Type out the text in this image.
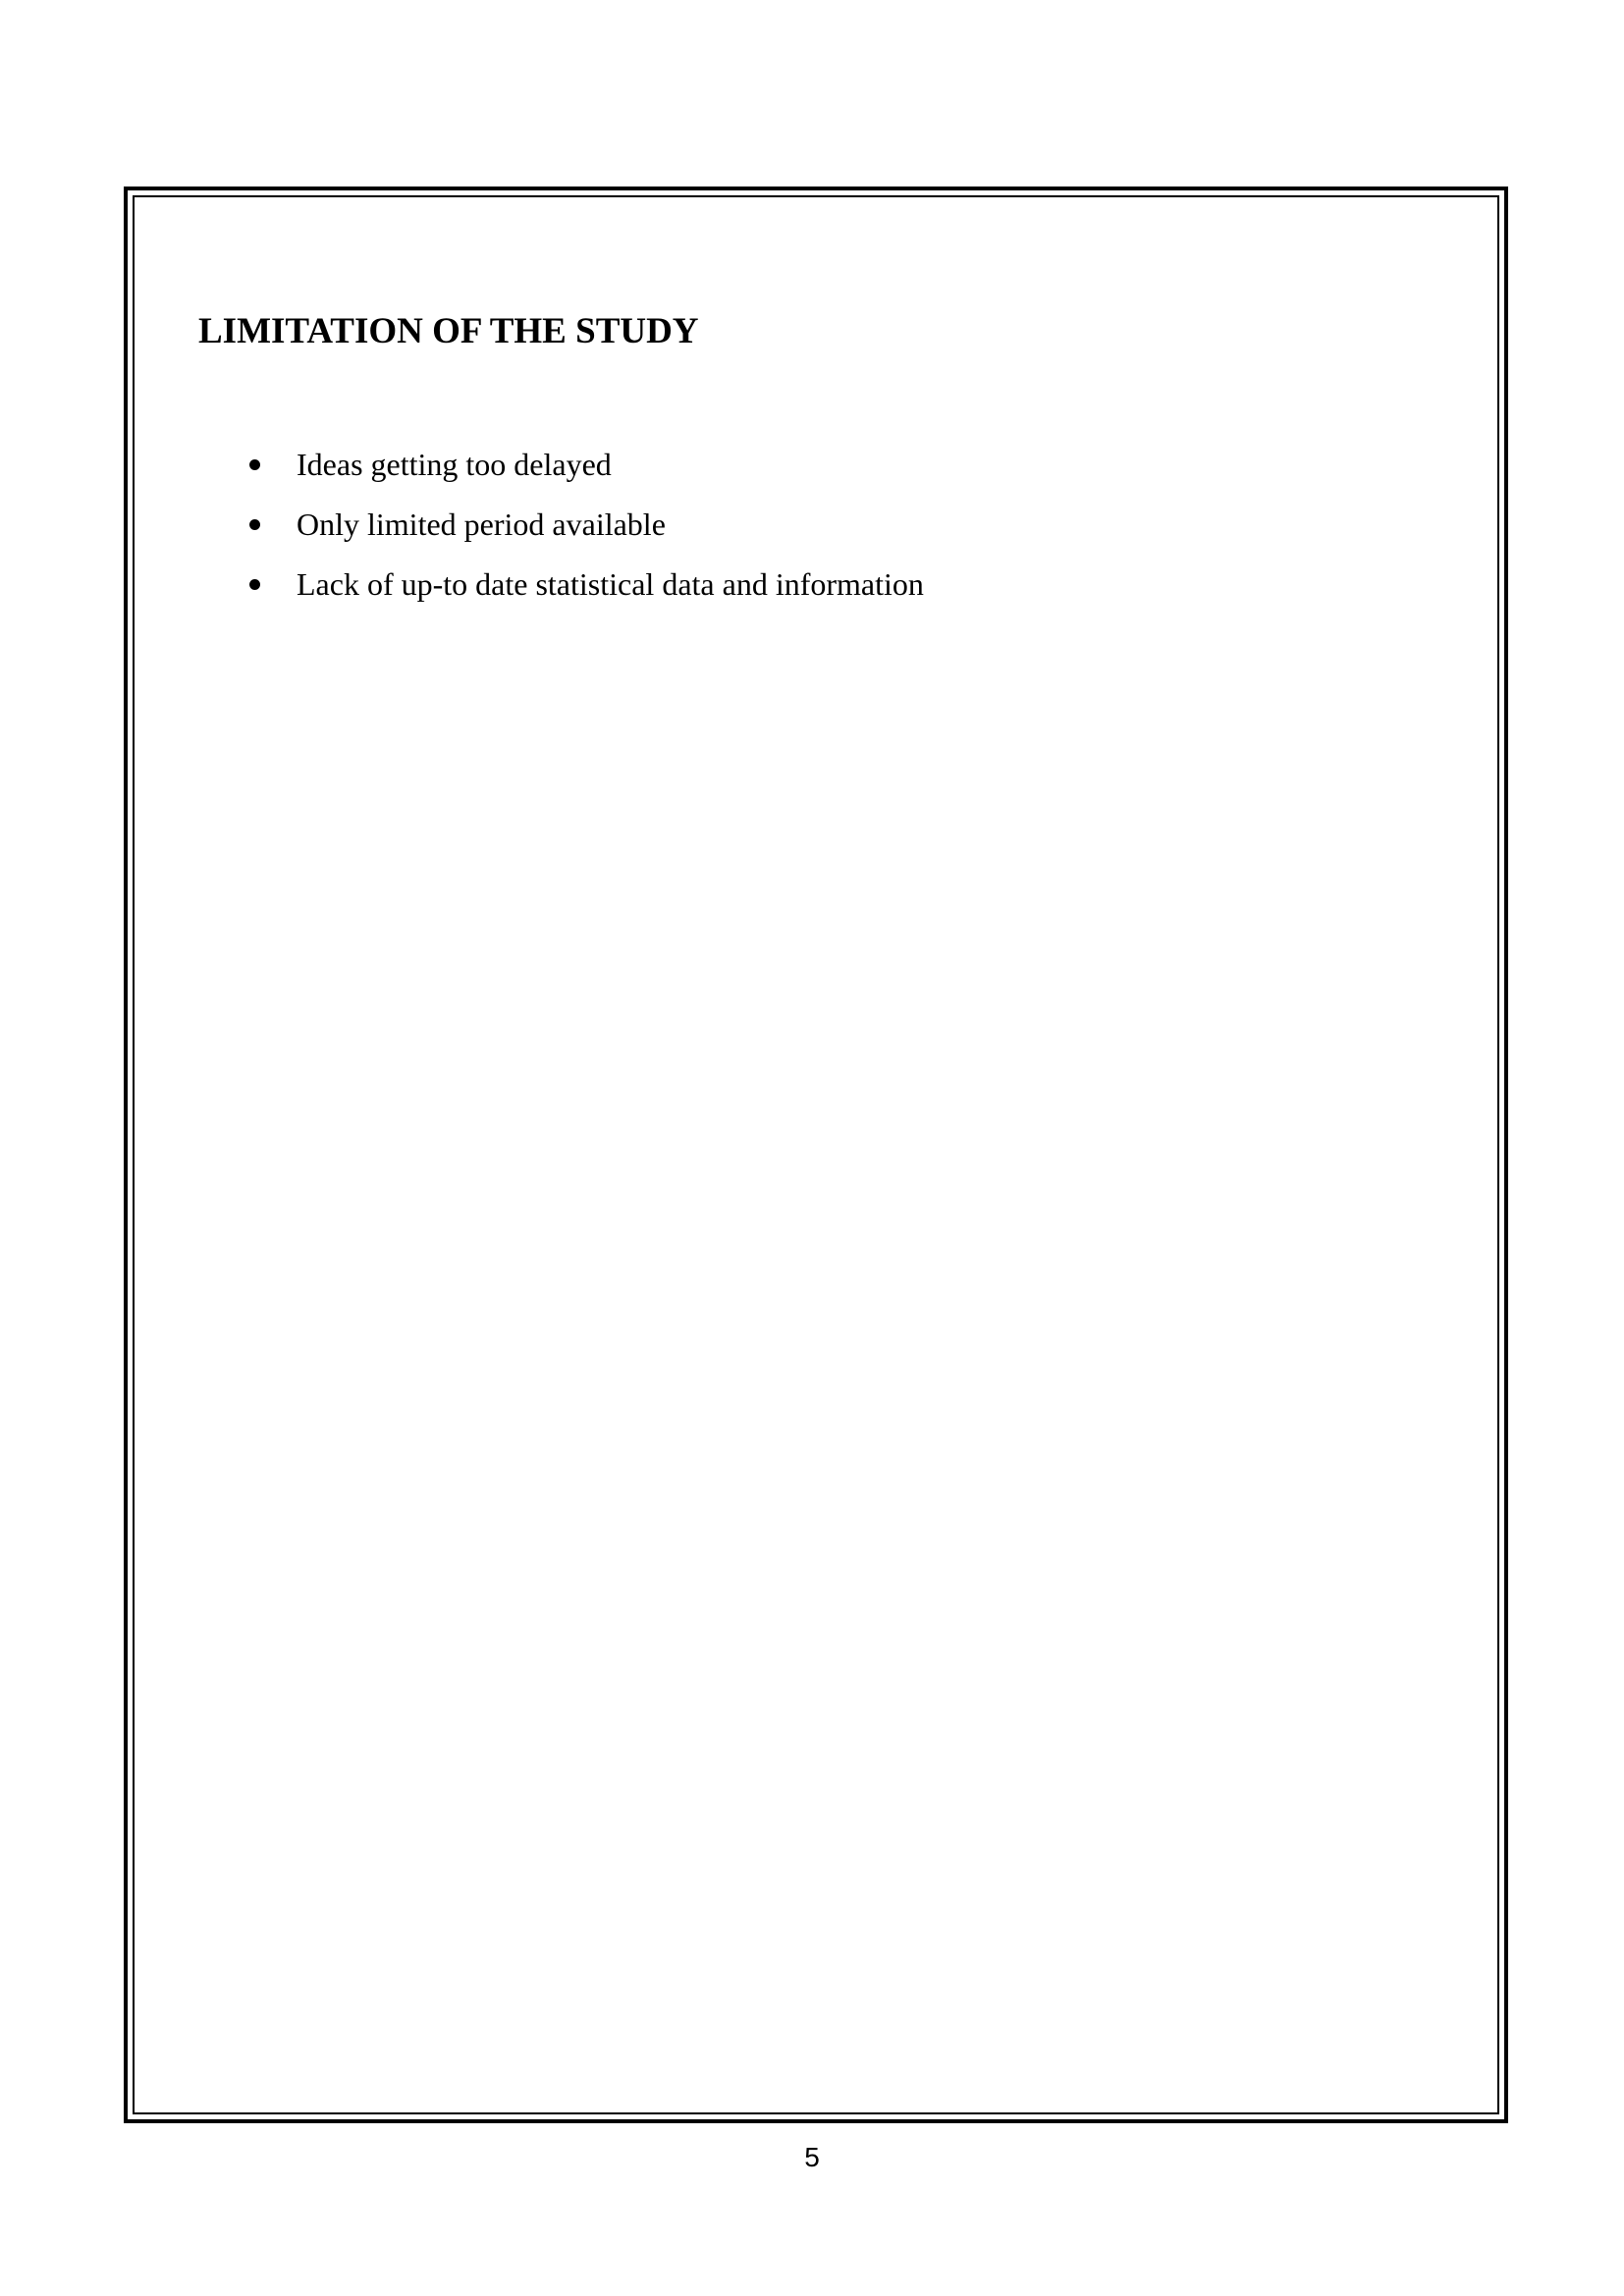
LIMITATION OF THE STUDY
Ideas getting too delayed
Only limited period available
Lack of up-to date statistical data and information
5
